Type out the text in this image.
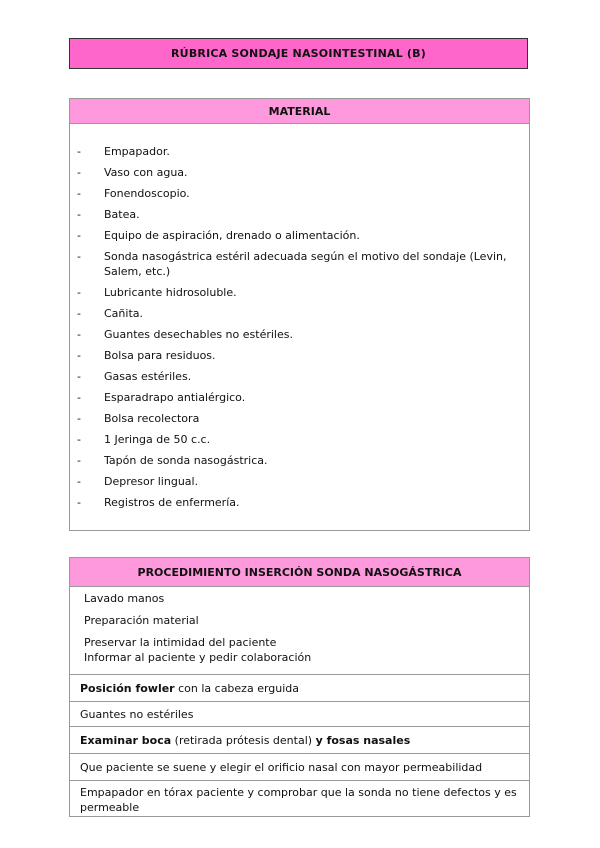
RÚBRICA SONDAJE NASOINTESTINAL (B)
MATERIAL
- Empapador.
- Vaso con agua.
- Fonendoscopio.
- Batea.
- Equipo de aspiración, drenado o alimentación.
- Sonda nasogástrica estéril adecuada según el motivo del sondaje (Levin, Salem, etc.)
- Lubricante hidrosoluble.
- Cañita.
- Guantes desechables no estériles.
- Bolsa para residuos.
- Gasas estériles.
- Esparadrapo antialérgico.
- Bolsa recolectora
- 1 Jeringa de 50 c.c.
- Tapón de sonda nasogástrica.
- Depresor lingual.
- Registros de enfermería.
PROCEDIMIENTO INSERCIÓN SONDA NASOGÁSTRICA
Lavado manos
Preparación material
Preservar la intimidad del paciente
Informar al paciente y pedir colaboración
Posición fowler con la cabeza erguida
Guantes no estériles
Examinar boca (retirada prótesis dental) y fosas nasales
Que paciente se suene y elegir el orificio nasal con mayor permeabilidad
Empapador en tórax paciente y comprobar que la sonda no tiene defectos y es permeable
